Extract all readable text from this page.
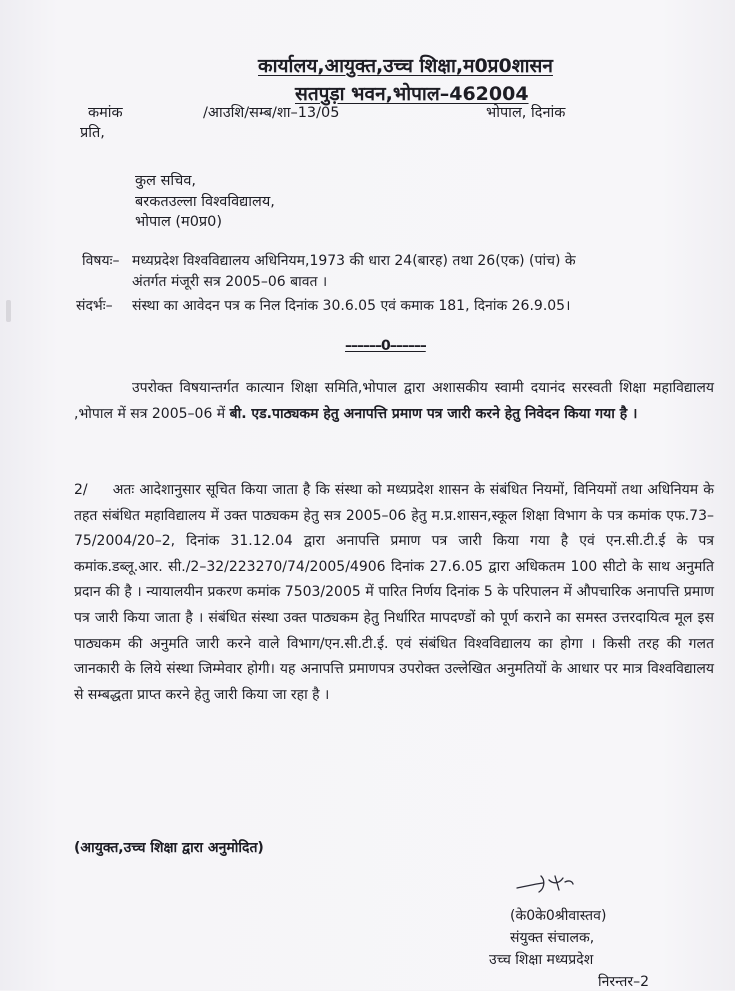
कार्यालय,आयुक्त,उच्च शिक्षा,म0प्र0शासन
सतपुड़ा भवन,भोपाल–462004
कमांक	/आउशि/सम्ब/शा–13/05	भोपाल, दिनांक
प्रति,
कुल सचिव,
बरकतउल्ला विश्वविद्यालय,
भोपाल (म0प्र0)
विषयः– मध्यप्रदेश विश्वविद्यालय अधिनियम,1973 की धारा 24(बारह) तथा 26(एक) (पांच) के
अंतर्गत मंजूरी सत्र 2005–06 बावत ।
संदर्भः– संस्था का आवेदन पत्र क निल दिनांक 30.6.05 एवं कमाक 181, दिनांक 26.9.05।
––––––0––––––
उपरोक्त विषयान्तर्गत कात्यान शिक्षा समिति,भोपाल द्वारा अशासकीय स्वामी दयानंद सरस्वती शिक्षा महाविद्यालय ,भोपाल में सत्र 2005–06 में बी. एड.पाठ्यकम हेतु अनापत्ति प्रमाण पत्र जारी करने हेतु निवेदन किया गया है ।
2/ अतः आदेशानुसार सूचित किया जाता है कि संस्था को मध्यप्रदेश शासन के संबंधित नियमों, विनियमों तथा अधिनियम के तहत संबंधित महाविद्यालय में उक्त पाठ्यकम हेतु सत्र 2005–06 हेतु म.प्र.शासन,स्कूल शिक्षा विभाग के पत्र कमांक एफ.73–75/2004/20–2, दिनांक 31.12.04 द्वारा अनापत्ति प्रमाण पत्र जारी किया गया है एवं एन.सी.टी.ई के पत्र कमांक.डब्लू.आर. सी./2–32/223270/74/2005/4906 दिनांक 27.6.05 द्वारा अधिकतम 100 सीटो के साथ अनुमति प्रदान की है । न्यायालयीन प्रकरण कमांक 7503/2005 में पारित निर्णय दिनांक 5 के परिपालन में औपचारिक अनापत्ति प्रमाण पत्र जारी किया जाता है । संबंधित संस्था उक्त पाठ्यकम हेतु निर्धारित मापदण्डों को पूर्ण कराने का समस्त उत्तरदायित्व मूल इस पाठ्यकम की अनुमति जारी करने वाले विभाग/एन.सी.टी.ई. एवं संबंधित विश्वविद्यालय का होगा । किसी तरह की गलत जानकारी के लिये संस्था जिम्मेवार होगी। यह अनापत्ति प्रमाणपत्र उपरोक्त उल्लेखित अनुमतियों के आधार पर मात्र विश्वविद्यालय से सम्बद्धता प्राप्त करने हेतु जारी किया जा रहा है ।
(आयुक्त,उच्च शिक्षा द्वारा अनुमोदित)
(के0के0श्रीवास्तव)
संयुक्त संचालक,
उच्च शिक्षा मध्यप्रदेश
निरन्तर–2
